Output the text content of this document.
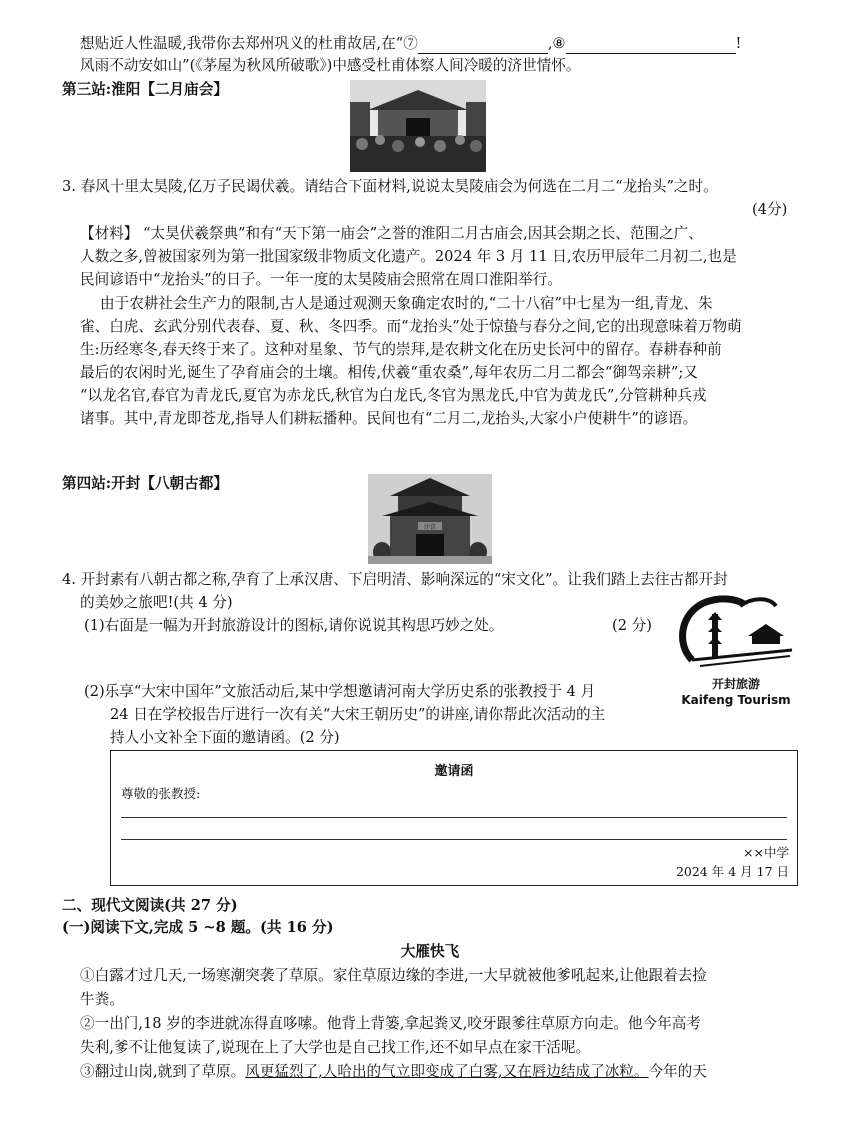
想贴近人性温暖,我带你去郑州巩义的杜甫故居,在“⑦	,⑧	!
风雨不动安如山”(《茅屋为秋风所破歌》)中感受杜甫体察人间冷暖的济世情怀。
第三站:淮阳【二月庙会】
3. 春风十里太昊陵,亿万子民谒伏羲。请结合下面材料,说说太昊陵庙会为何选在二月二“龙抬头”之时。
(4分)
【材料】 “太昊伏羲祭典”和有“天下第一庙会”之誉的淮阳二月古庙会,因其会期之长、范围之广、
人数之多,曾被国家列为第一批国家级非物质文化遗产。2024 年 3 月 11 日,农历甲辰年二月初二,也是
民间谚语中“龙抬头”的日子。一年一度的太昊陵庙会照常在周口淮阳举行。
由于农耕社会生产力的限制,古人是通过观测天象确定农时的,“二十八宿”中七星为一组,青龙、朱
雀、白虎、玄武分别代表春、夏、秋、冬四季。而“龙抬头”处于惊蛰与春分之间,它的出现意味着万物萌
生:历经寒冬,春天终于来了。这种对星象、节气的崇拜,是农耕文化在历史长河中的留存。春耕春种前
最后的农闲时光,诞生了孕育庙会的土壤。相传,伏羲“重农桑”,每年农历二月二都会“御驾亲耕”;又
“以龙名官,春官为青龙氏,夏官为赤龙氏,秋官为白龙氏,冬官为黑龙氏,中官为黄龙氏”,分管耕种兵戎
诸事。其中,青龙即苍龙,指导人们耕耘播种。民间也有“二月二,龙抬头,大家小户使耕牛”的谚语。
第四站:开封【八朝古都】
汴京
4. 开封素有八朝古都之称,孕育了上承汉唐、下启明清、影响深远的“宋文化”。让我们踏上去往古都开封
的美妙之旅吧!(共 4 分)
(1)右面是一幅为开封旅游设计的图标,请你说说其构思巧妙之处。	(2 分)
开封旅游
Kaifeng Tourism
(2)乐享“大宋中国年”文旅活动后,某中学想邀请河南大学历史系的张教授于 4 月
24 日在学校报告厅进行一次有关“大宋王朝历史”的讲座,请你帮此次活动的主
持人小文补全下面的邀请函。(2 分)
邀请函
尊敬的张教授:
××中学
2024 年 4 月 17 日
二、现代文阅读(共 27 分)
(一)阅读下文,完成 5 ~8 题。(共 16 分)
大雁快飞
①白露才过几天,一场寒潮突袭了草原。家住草原边缘的李进,一大早就被他爹吼起来,让他跟着去捡
牛粪。
②一出门,18 岁的李进就冻得直哆嗦。他背上背篓,拿起粪叉,咬牙跟爹往草原方向走。他今年高考
失利,爹不让他复读了,说现在上了大学也是自己找工作,还不如早点在家干活呢。
③翻过山岗,就到了草原。风更猛烈了,人哈出的气立即变成了白雾,又在唇边结成了冰粒。今年的天
